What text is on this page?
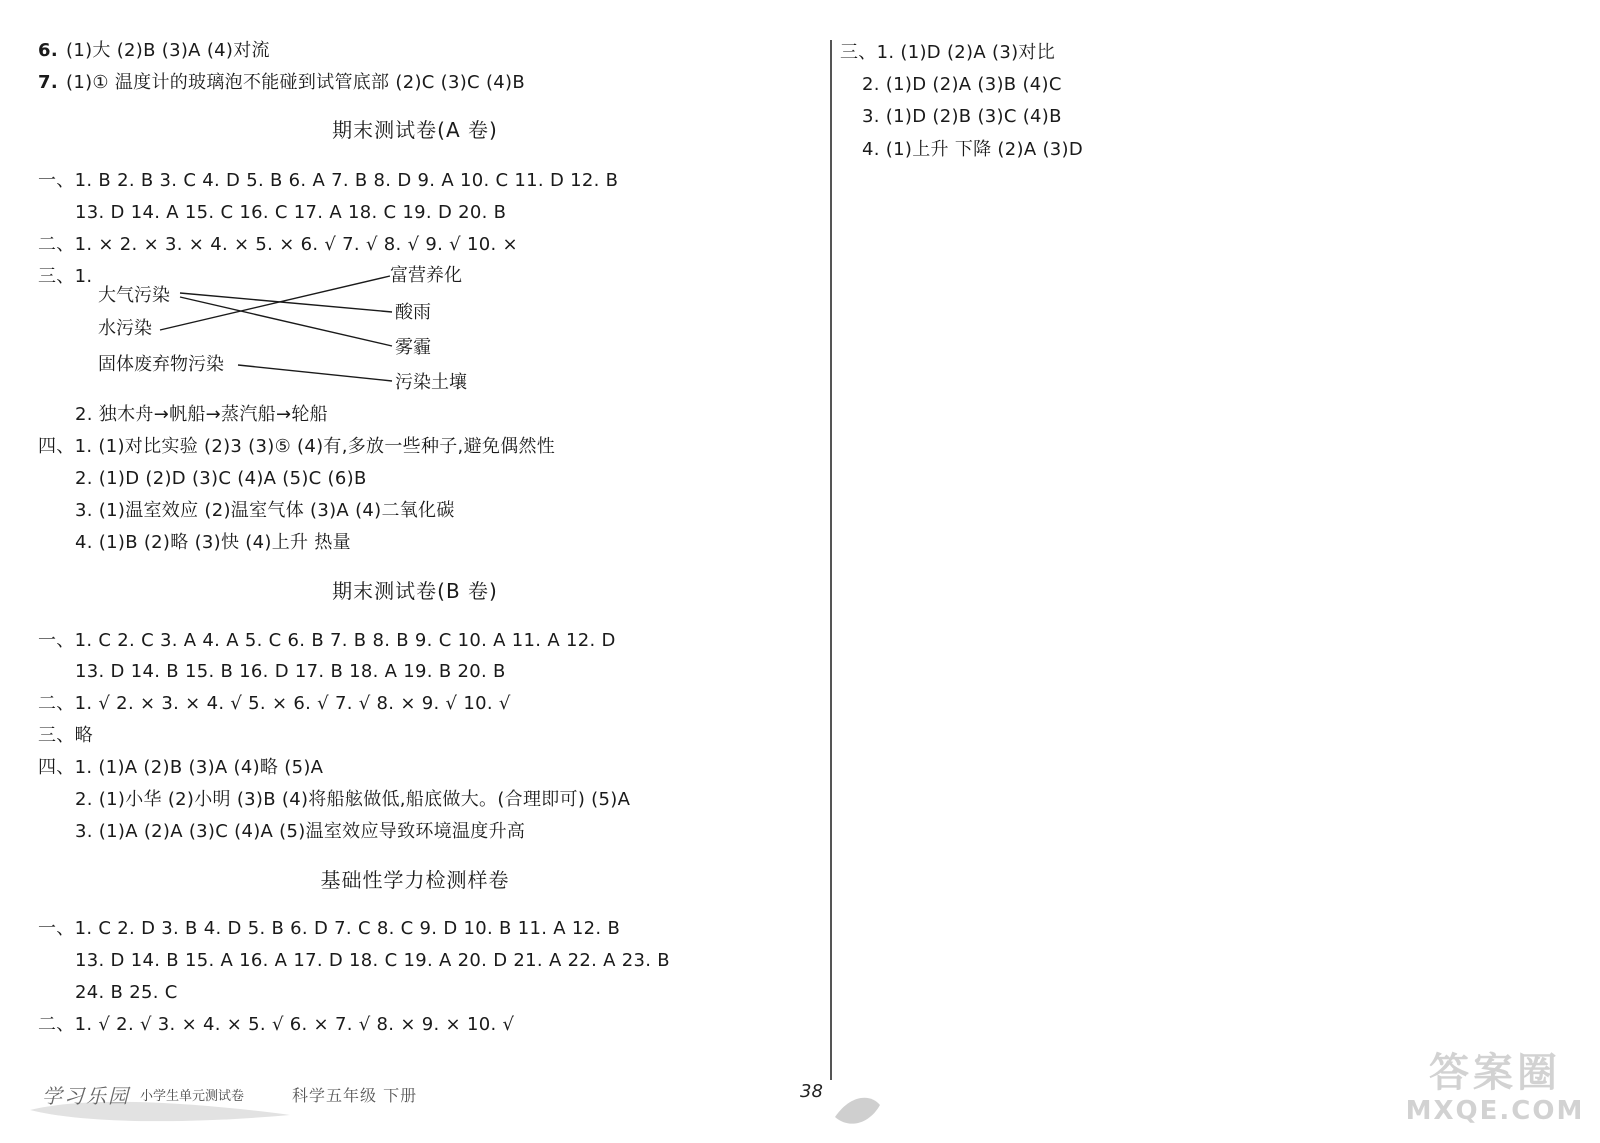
6. (1)大 (2)B (3)A (4)对流
7. (1)① 温度计的玻璃泡不能碰到试管底部 (2)C (3)C (4)B
期末测试卷(A 卷)
一、1. B 2. B 3. C 4. D 5. B 6. A 7. B 8. D 9. A 10. C 11. D 12. B
13. D 14. A 15. C 16. C 17. A 18. C 19. D 20. B
二、1. × 2. × 3. × 4. × 5. × 6. √ 7. √ 8. √ 9. √ 10. ×
三、1.
大气污染
水污染
固体废弃物污染
富营养化
酸雨
雾霾
污染土壤
2. 独木舟→帆船→蒸汽船→轮船
四、1. (1)对比实验 (2)3 (3)⑤ (4)有,多放一些种子,避免偶然性
2. (1)D (2)D (3)C (4)A (5)C (6)B
3. (1)温室效应 (2)温室气体 (3)A (4)二氧化碳
4. (1)B (2)略 (3)快 (4)上升 热量
期末测试卷(B 卷)
一、1. C 2. C 3. A 4. A 5. C 6. B 7. B 8. B 9. C 10. A 11. A 12. D
13. D 14. B 15. B 16. D 17. B 18. A 19. B 20. B
二、1. √ 2. × 3. × 4. √ 5. × 6. √ 7. √ 8. × 9. √ 10. √
三、略
四、1. (1)A (2)B (3)A (4)略 (5)A
2. (1)小华 (2)小明 (3)B (4)将船舷做低,船底做大。(合理即可) (5)A
3. (1)A (2)A (3)C (4)A (5)温室效应导致环境温度升高
基础性学力检测样卷
一、1. C 2. D 3. B 4. D 5. B 6. D 7. C 8. C 9. D 10. B 11. A 12. B
13. D 14. B 15. A 16. A 17. D 18. C 19. A 20. D 21. A 22. A 23. B
24. B 25. C
二、1. √ 2. √ 3. × 4. × 5. √ 6. × 7. √ 8. × 9. × 10. √
三、1. (1)D (2)A (3)对比
2. (1)D (2)A (3)B (4)C
3. (1)D (2)B (3)C (4)B
4. (1)上升 下降 (2)A (3)D
学习乐园 小学生单元测试卷	科学五年级 下册	38	答案圈
MXQE.COM
